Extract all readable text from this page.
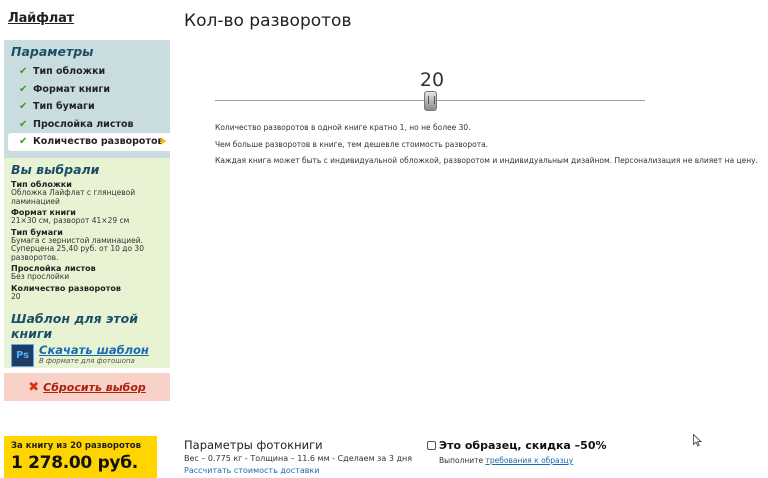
Лайфлат
Параметры
✔ Тип обложки
✔ Формат книги
✔ Тип бумаги
✔ Прослойка листов
✔ Количество разворотов
Вы выбрали
Тип обложки
Обложка Лайфлат с глянцевой ламинацией
Формат книги
21×30 см, разворот 41×29 см
Тип бумаги
Бумага с зернистой ламинацией. Суперцена 25,40 руб. от 10 до 30 разворотов.
Прослойка листов
Без прослойки
Количество разворотов
20
Шаблон для этой книги
Ps Скачать шаблон
В формате для фотошопа
✖ Сбросить выбор
Кол-во разворотов
20
Количество разворотов в одной книге кратно 1, но не более 30.
Чем больше разворотов в книге, тем дешевле стоимость разворота.
Каждая книга может быть с индивидуальной обложкой, разворотом и индивидуальным дизайном. Персонализация не влияет на цену.
За книгу из 20 разворотов
1 278.00 руб.
Параметры фотокниги
Вес – 0.775 кг - Толщина – 11.6 мм - Сделаем за 3 дня
Рассчитать стоимость доставки
Это образец, скидка –50%
Выполните требования к образцу
